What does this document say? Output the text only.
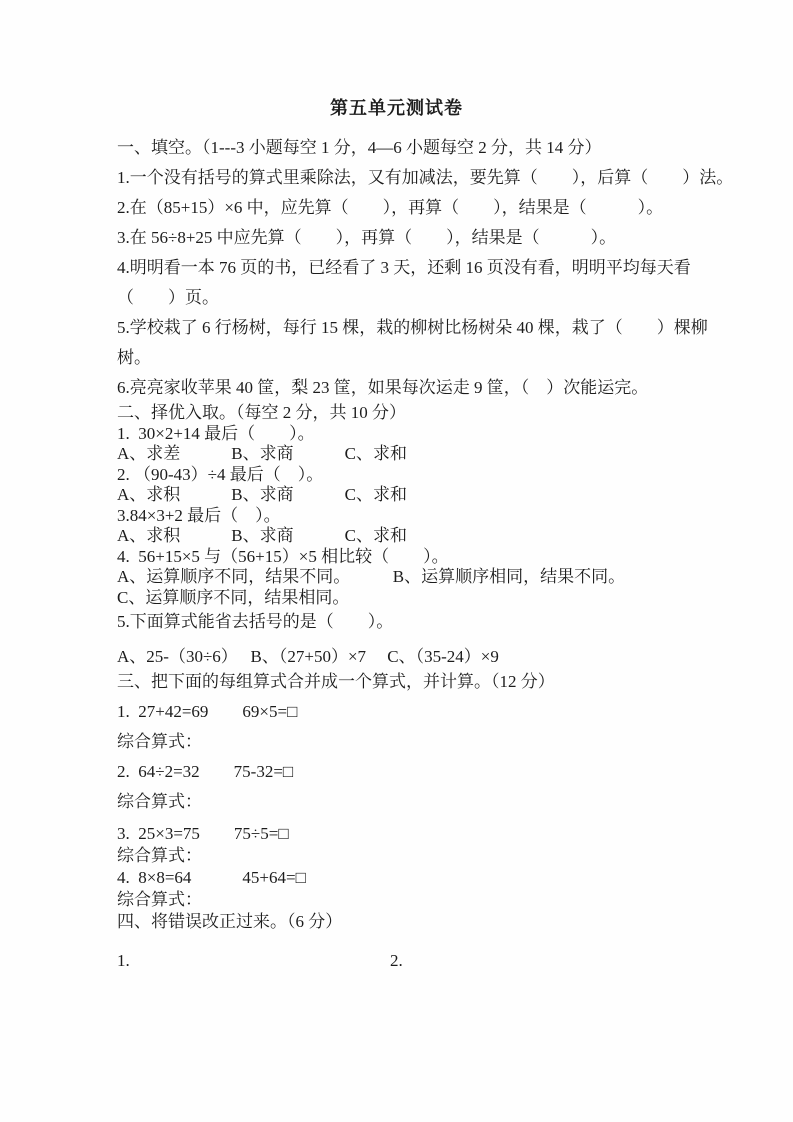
第五单元测试卷
一、填空。（1---3 小题每空 1 分，4—6 小题每空 2 分，共 14 分）
1.一个没有括号的算式里乘除法，又有加减法，要先算（　　），后算（　　）法。
2.在（85+15）×6 中，应先算（　　），再算（　　），结果是（　　　）。
3.在 56÷8+25 中应先算（　　），再算（　　），结果是（　　　）。
4.明明看一本 76 页的书，已经看了 3 天，还剩 16 页没有看，明明平均每天看
（　　）页。
5.学校栽了 6 行杨树，每行 15 棵，栽的柳树比杨树朵 40 棵，栽了（　　）棵柳
树。
6.亮亮家收苹果 40 筐，梨 23 筐，如果每次运走 9 筐，（　）次能运完。
二、择优入取。（每空 2 分，共 10 分）
1.  30×2+14 最后（　　）。
A、求差　　　B、求商　　　C、求和
2. （90-43）÷4 最后（　）。
A、求积　　　B、求商　　　C、求和
3.84×3+2 最后（　）。
A、求积　　　B、求商　　　C、求和
4.  56+15×5 与（56+15）×5 相比较（　　）。
A、运算顺序不同，结果不同。　　　B、运算顺序相同，结果不同。
C、运算顺序不同，结果相同。
5.下面算式能省去括号的是（　　）。
A、25-（30÷6）　 B、（27+50）×7　 C、（35-24）×9
三、把下面的每组算式合并成一个算式，并计算。（12 分）
1.  27+42=69　　69×5=□
综合算式：
2.  64÷2=32　　75-32=□
综合算式：
3.  25×3=75　　75÷5=□
综合算式：
4.  8×8=64　　　45+64=□
综合算式：
四、将错误改正过来。（6 分）
1.	2.
